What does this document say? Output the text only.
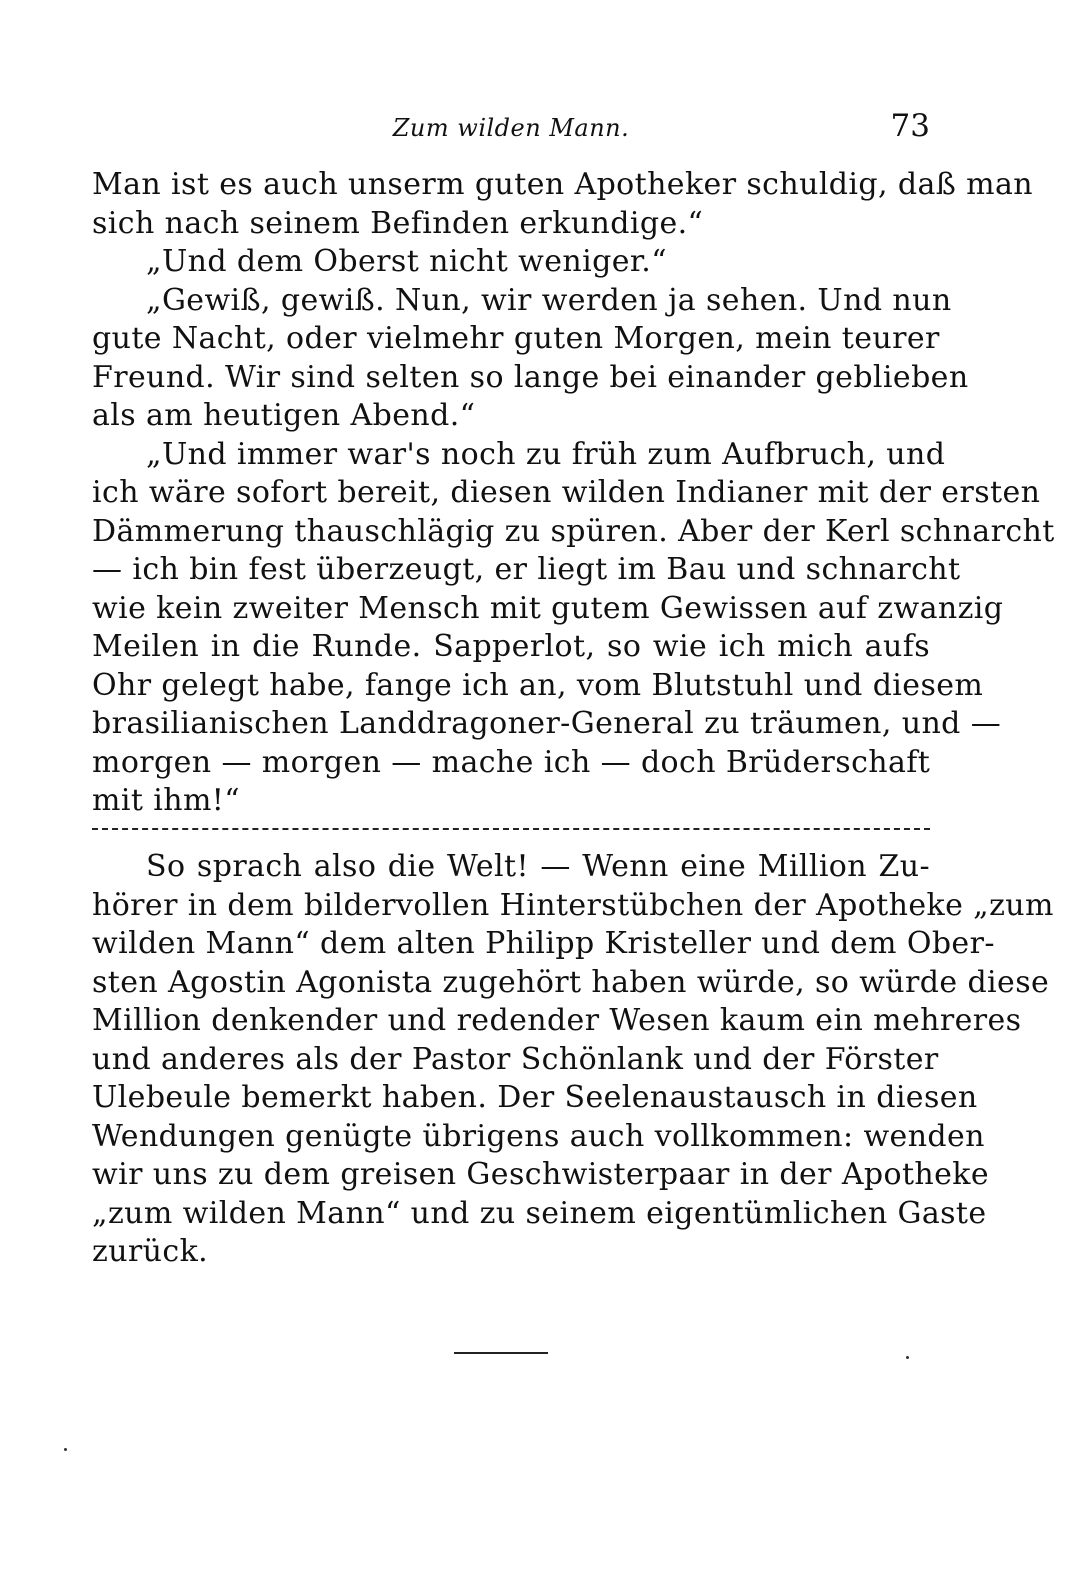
Zum wilden Mann.	73
Man ist es auch unserm guten Apotheker schuldig, daß man
sich nach seinem Befinden erkundige.“
„Und dem Oberst nicht weniger.“
„Gewiß, gewiß. Nun, wir werden ja sehen. Und nun
gute Nacht, oder vielmehr guten Morgen, mein teurer
Freund. Wir sind selten so lange bei einander geblieben
als am heutigen Abend.“
„Und immer war's noch zu früh zum Aufbruch, und
ich wäre sofort bereit, diesen wilden Indianer mit der ersten
Dämmerung thauschlägig zu spüren. Aber der Kerl schnarcht
— ich bin fest überzeugt, er liegt im Bau und schnarcht
wie kein zweiter Mensch mit gutem Gewissen auf zwanzig
Meilen in die Runde. Sapperlot, so wie ich mich aufs
Ohr gelegt habe, fange ich an, vom Blutstuhl und diesem
brasilianischen Landdragoner-General zu träumen, und —
morgen — morgen — mache ich — doch Brüderschaft
mit ihm!“
So sprach also die Welt! — Wenn eine Million Zu-
hörer in dem bildervollen Hinterstübchen der Apotheke „zum
wilden Mann“ dem alten Philipp Kristeller und dem Ober-
sten Agostin Agonista zugehört haben würde, so würde diese
Million denkender und redender Wesen kaum ein mehreres
und anderes als der Pastor Schönlank und der Förster
Ulebeule bemerkt haben. Der Seelenaustausch in diesen
Wendungen genügte übrigens auch vollkommen: wenden
wir uns zu dem greisen Geschwisterpaar in der Apotheke
„zum wilden Mann“ und zu seinem eigentümlichen Gaste
zurück.
